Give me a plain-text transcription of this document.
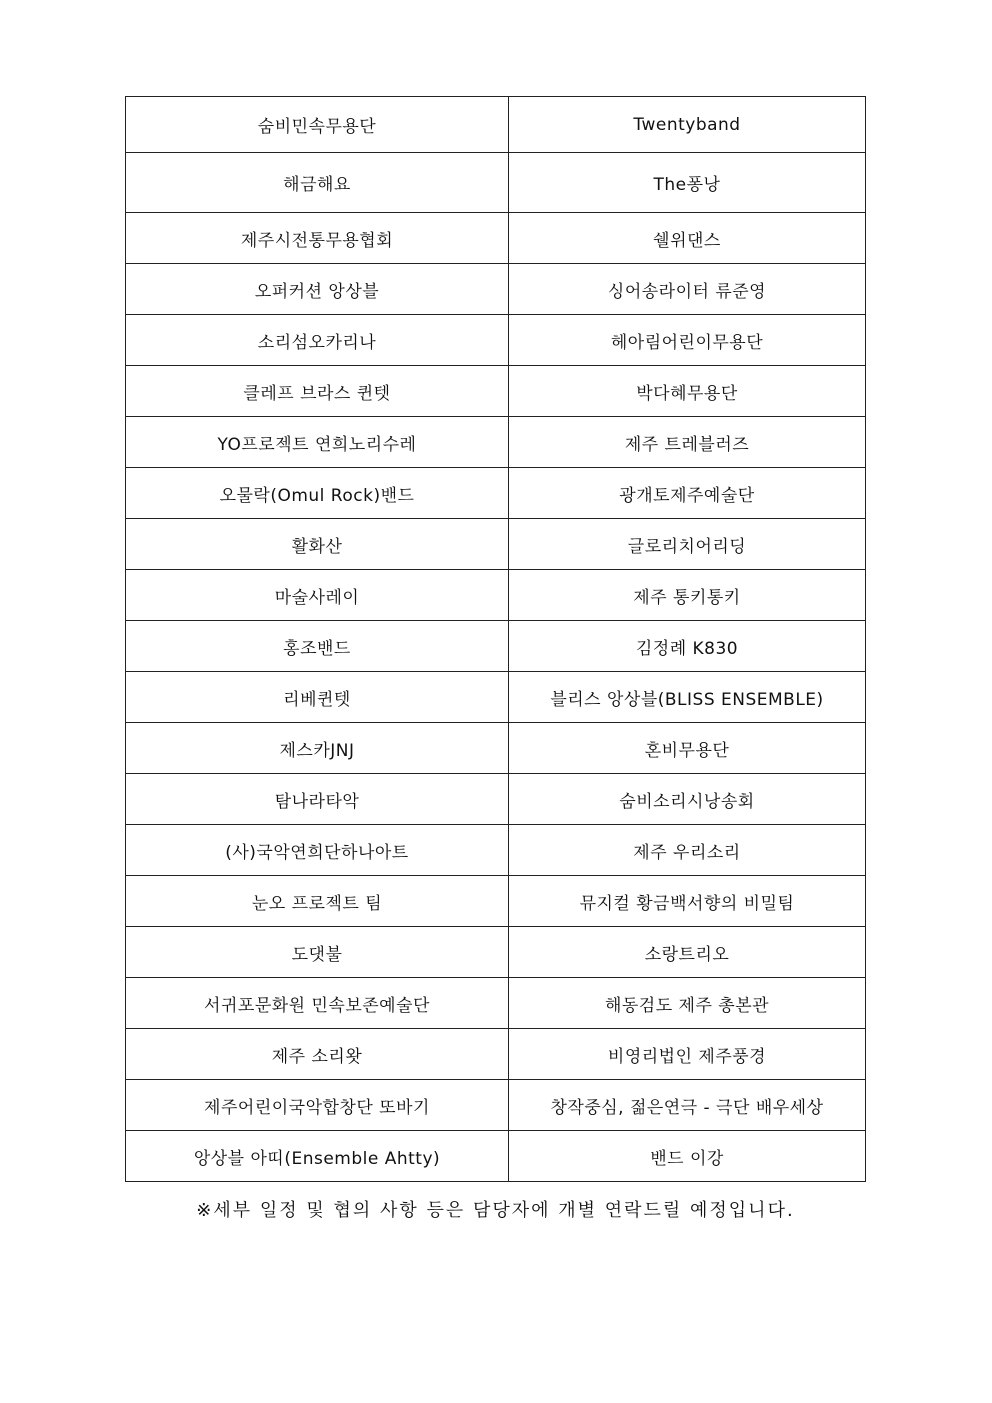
숨비민속무용단	Twentyband
해금해요	The퐁낭
제주시전통무용협회	쉘위댄스
오퍼커션 앙상블	싱어송라이터 류준영
소리섬오카리나	헤아림어린이무용단
클레프 브라스 퀸텟	박다혜무용단
YO프로젝트 연희노리수레	제주 트레블러즈
오물락(Omul Rock)밴드	광개토제주예술단
활화산	글로리치어리딩
마술사레이	제주 통키통키
홍조밴드	김정례 K830
리베퀸텟	블리스 앙상블(BLISS ENSEMBLE)
제스카JNJ	혼비무용단
탐나라타악	숨비소리시낭송회
(사)국악연희단하나아트	제주 우리소리
눈오 프로젝트 팀	뮤지컬 황금백서향의 비밀팀
도댓불	소랑트리오
서귀포문화원 민속보존예술단	해동검도 제주 총본관
제주 소리왓	비영리법인 제주풍경
제주어린이국악합창단 또바기	창작중심, 젊은연극 - 극단 배우세상
앙상블 아띠(Ensemble Ahtty)	밴드 이강
※세부 일정 및 협의 사항 등은 담당자에 개별 연락드릴 예정입니다.
